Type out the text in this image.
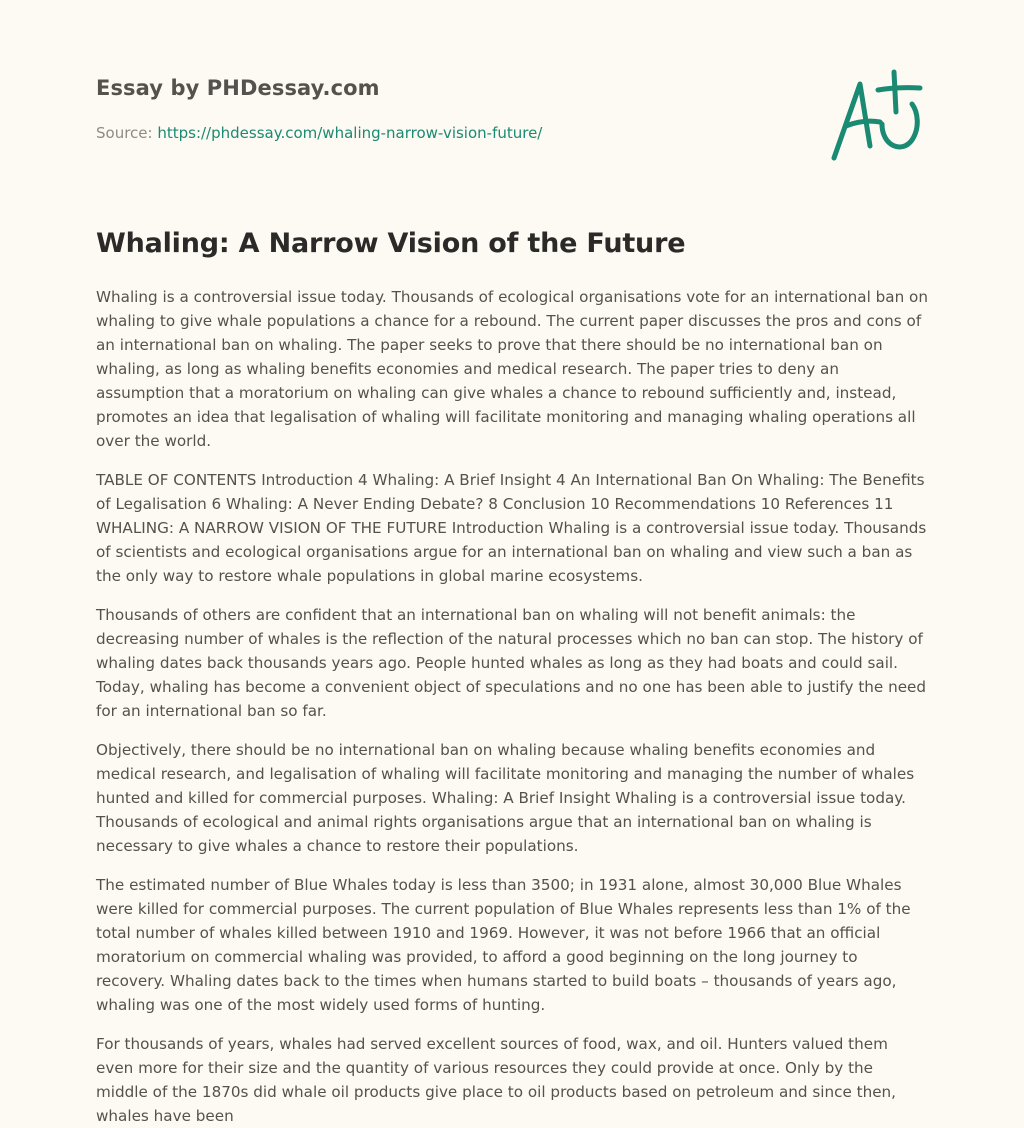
Essay by PHDessay.com
Source: https://phdessay.com/whaling-narrow-vision-future/
Whaling: A Narrow Vision of the Future

Whaling is a controversial issue today. Thousands of ecological organisations vote for an international ban on whaling to give whale populations a chance for a rebound. The current paper discusses the pros and cons of an international ban on whaling. The paper seeks to prove that there should be no international ban on whaling, as long as whaling benefits economies and medical research. The paper tries to deny an assumption that a moratorium on whaling can give whales a chance to rebound sufficiently and, instead, promotes an idea that legalisation of whaling will facilitate monitoring and managing whaling operations all over the world.

TABLE OF CONTENTS Introduction 4 Whaling: A Brief Insight 4 An International Ban On Whaling: The Benefits of Legalisation 6 Whaling: A Never Ending Debate? 8 Conclusion 10 Recommendations 10 References 11 WHALING: A NARROW VISION OF THE FUTURE Introduction Whaling is a controversial issue today. Thousands of scientists and ecological organisations argue for an international ban on whaling and view such a ban as the only way to restore whale populations in global marine ecosystems.

Thousands of others are confident that an international ban on whaling will not benefit animals: the decreasing number of whales is the reflection of the natural processes which no ban can stop. The history of whaling dates back thousands years ago. People hunted whales as long as they had boats and could sail. Today, whaling has become a convenient object of speculations and no one has been able to justify the need for an international ban so far.

Objectively, there should be no international ban on whaling because whaling benefits economies and medical research, and legalisation of whaling will facilitate monitoring and managing the number of whales hunted and killed for commercial purposes. Whaling: A Brief Insight Whaling is a controversial issue today. Thousands of ecological and animal rights organisations argue that an international ban on whaling is necessary to give whales a chance to restore their populations.

The estimated number of Blue Whales today is less than 3500; in 1931 alone, almost 30,000 Blue Whales were killed for commercial purposes. The current population of Blue Whales represents less than 1% of the total number of whales killed between 1910 and 1969. However, it was not before 1966 that an official moratorium on commercial whaling was provided, to afford a good beginning on the long journey to recovery. Whaling dates back to the times when humans started to build boats – thousands of years ago, whaling was one of the most widely used forms of hunting.

For thousands of years, whales had served excellent sources of food, wax, and oil. Hunters valued them even more for their size and the quantity of various resources they could provide at once. Only by the middle of the 1870s did whale oil products give place to oil products based on petroleum and since then, whales have been
